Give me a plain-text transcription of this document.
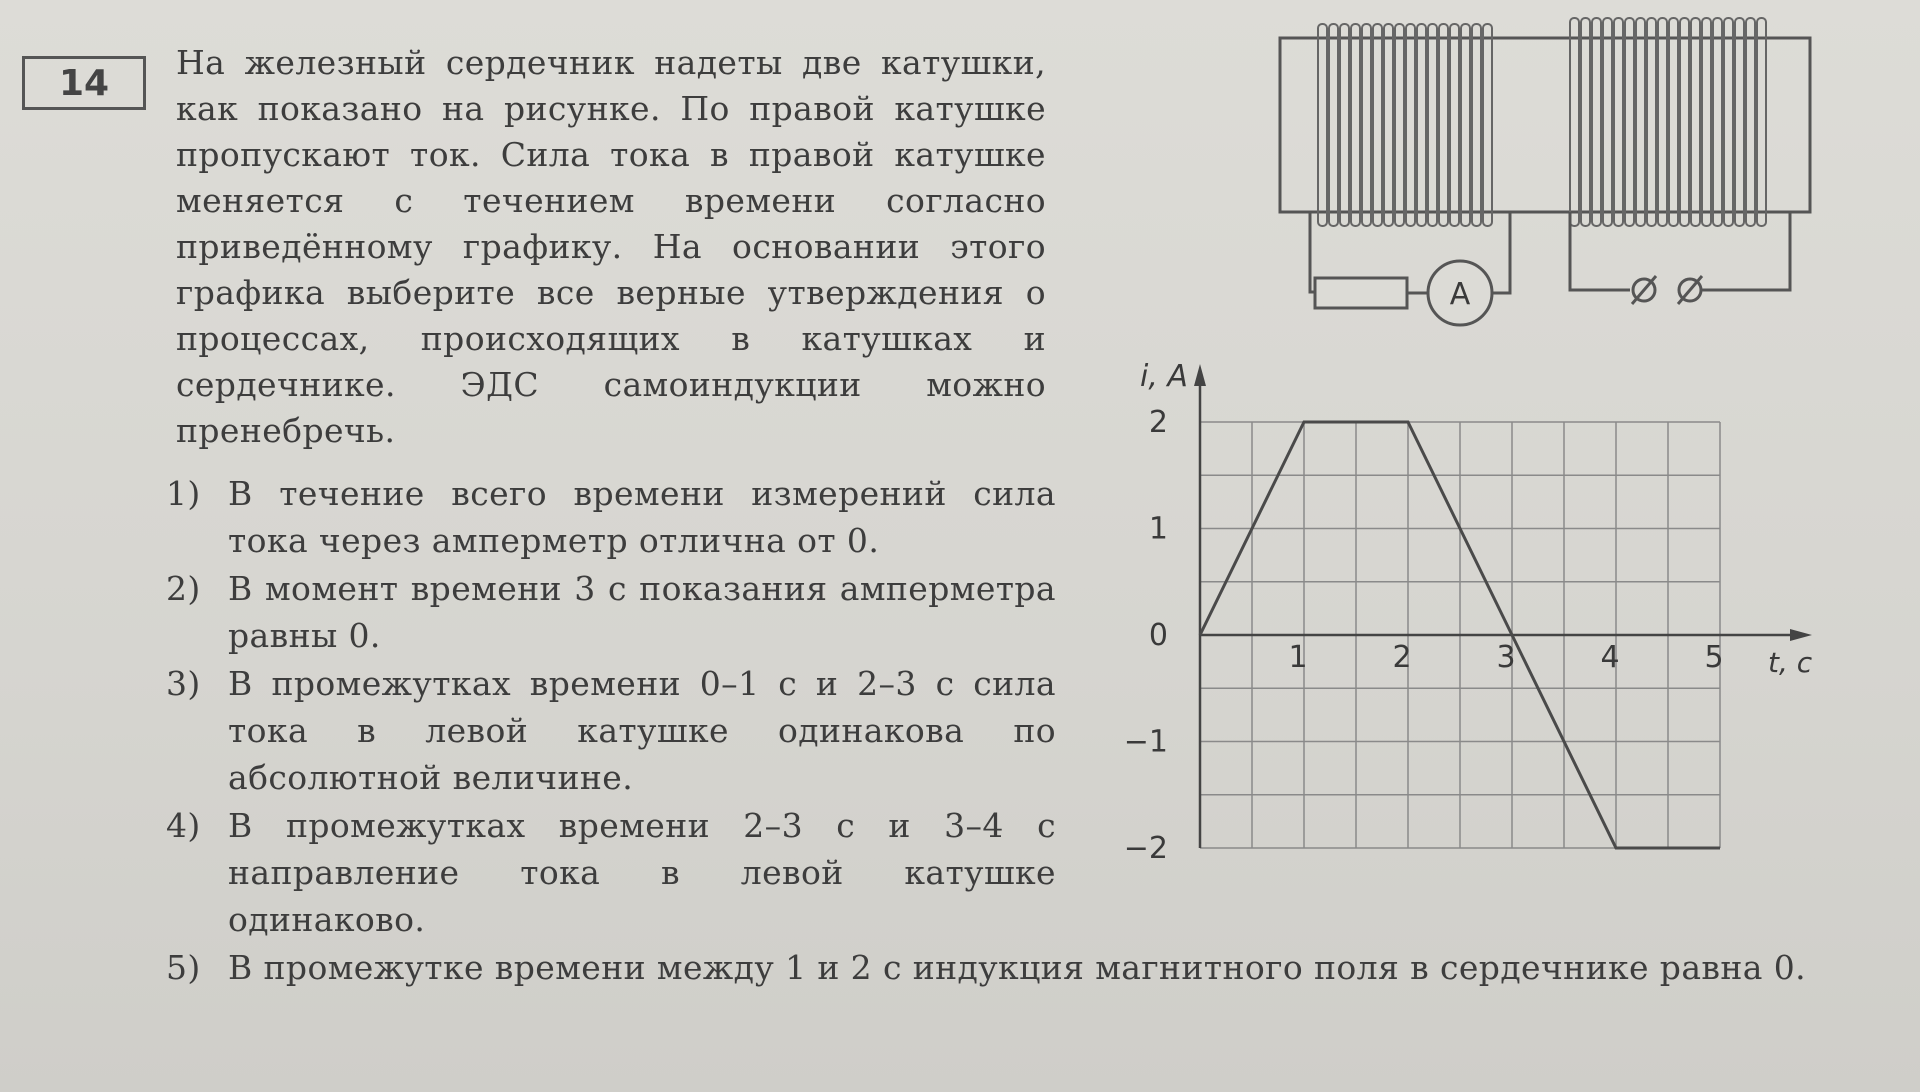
14 На железный сердечник надеты две катушки, как показано на рисунке. По правой катушке пропускают ток. Сила тока в правой катушке меняется с течением времени согласно приведённому графику. На основании этого графика выберите все верные утверждения о процессах, происходящих в катушках и сердечнике. ЭДС самоиндукции можно пренебречь.
1) В течение всего времени измерений сила тока через амперметр отлична от 0.
2) В момент времени 3 с показания амперметра равны 0.
3) В промежутках времени 0–1 с и 2–3 с сила тока в левой катушке одинакова по абсолютной величине.
4) В промежутках времени 2–3 с и 3–4 с направление тока в левой катушке одинаково.
5) В промежутке времени между 1 и 2 с индукция магнитного поля в сердечнике равна 0.
A
1	2	3	4	5
2
1
0
−1
−2
i, A
t, c
